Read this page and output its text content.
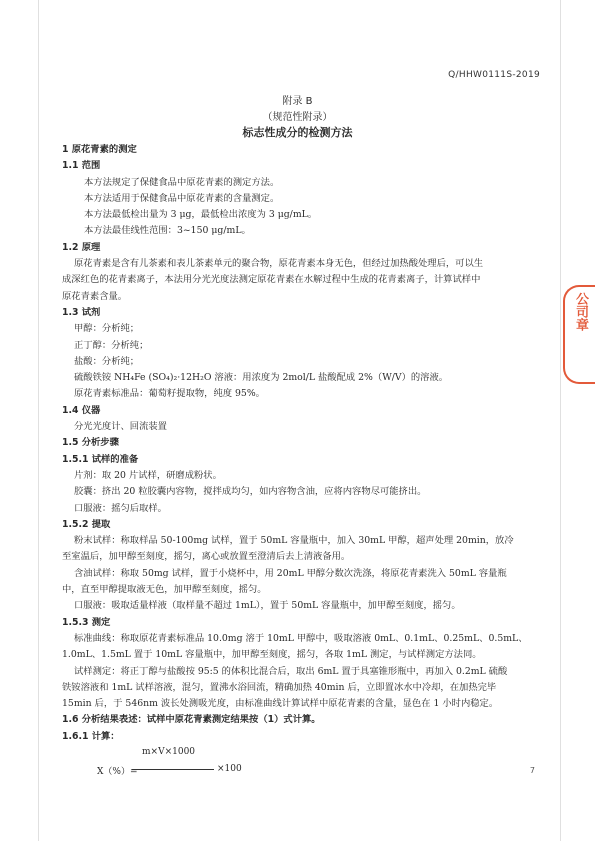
Q/HHW0111S-2019
附录 B
（规范性附录）
标志性成分的检测方法
1 原花青素的测定
1.1 范围
本方法规定了保健食品中原花青素的测定方法。
本方法适用于保健食品中原花青素的含量测定。
本方法最低检出量为 3 μg，最低检出浓度为 3 μg/mL。
本方法最佳线性范围：3~150 μg/mL。
1.2 原理
原花青素是含有儿茶素和表儿茶素单元的聚合物，原花青素本身无色，但经过加热酸处理后，可以生
成深红色的花青素离子，本法用分光光度法测定原花青素在水解过程中生成的花青素离子，计算试样中
原花青素含量。
1.3 试剂
甲醇：分析纯；
正丁醇：分析纯；
盐酸：分析纯；
硫酸铁铵 NH₄Fe (SO₄)₂·12H₂O 溶液：用浓度为 2mol/L 盐酸配成 2%（W/V）的溶液。
原花青素标准品：葡萄籽提取物，纯度 95%。
1.4 仪器
分光光度计、回流装置
1.5 分析步骤
1.5.1 试样的准备
片剂：取 20 片试样，研磨成粉状。
胶囊：挤出 20 粒胶囊内容物，搅拌成均匀，如内容物含油，应将内容物尽可能挤出。
口服液：摇匀后取样。
1.5.2 提取
粉末试样：称取样品 50-100mg 试样，置于 50mL 容量瓶中，加入 30mL 甲醇，超声处理 20min，放冷
至室温后，加甲醇至刻度，摇匀，离心或放置至澄清后去上清液备用。
含油试样：称取 50mg 试样，置于小烧杯中，用 20mL 甲醇分数次洗涤，将原花青素洗入 50mL 容量瓶
中，直至甲醇提取液无色，加甲醇至刻度，摇匀。
口服液：吸取适量样液（取样量不超过 1mL），置于 50mL 容量瓶中，加甲醇至刻度，摇匀。
1.5.3 测定
标准曲线：称取原花青素标准品 10.0mg 溶于 10mL 甲醇中，吸取溶液 0mL、0.1mL、0.25mL、0.5mL、
1.0mL、1.5mL 置于 10mL 容量瓶中，加甲醇至刻度，摇匀，各取 1mL 测定，与试样测定方法同。
试样测定：将正丁醇与盐酸按 95:5 的体积比混合后，取出 6mL 置于具塞锥形瓶中，再加入 0.2mL 硫酸
铁铵溶液和 1mL 试样溶液，混匀，置沸水浴回流，精确加热 40min 后，立即置冰水中冷却，在加热完毕
15min 后，于 546nm 波长处测吸光度，由标准曲线计算试样中原花青素的含量，显色在 1 小时内稳定。
1.6 分析结果表述：试样中原花青素测定结果按（1）式计算。
1.6.1 计算：
m×V×1000
X（%）=	×100	7
公司章
